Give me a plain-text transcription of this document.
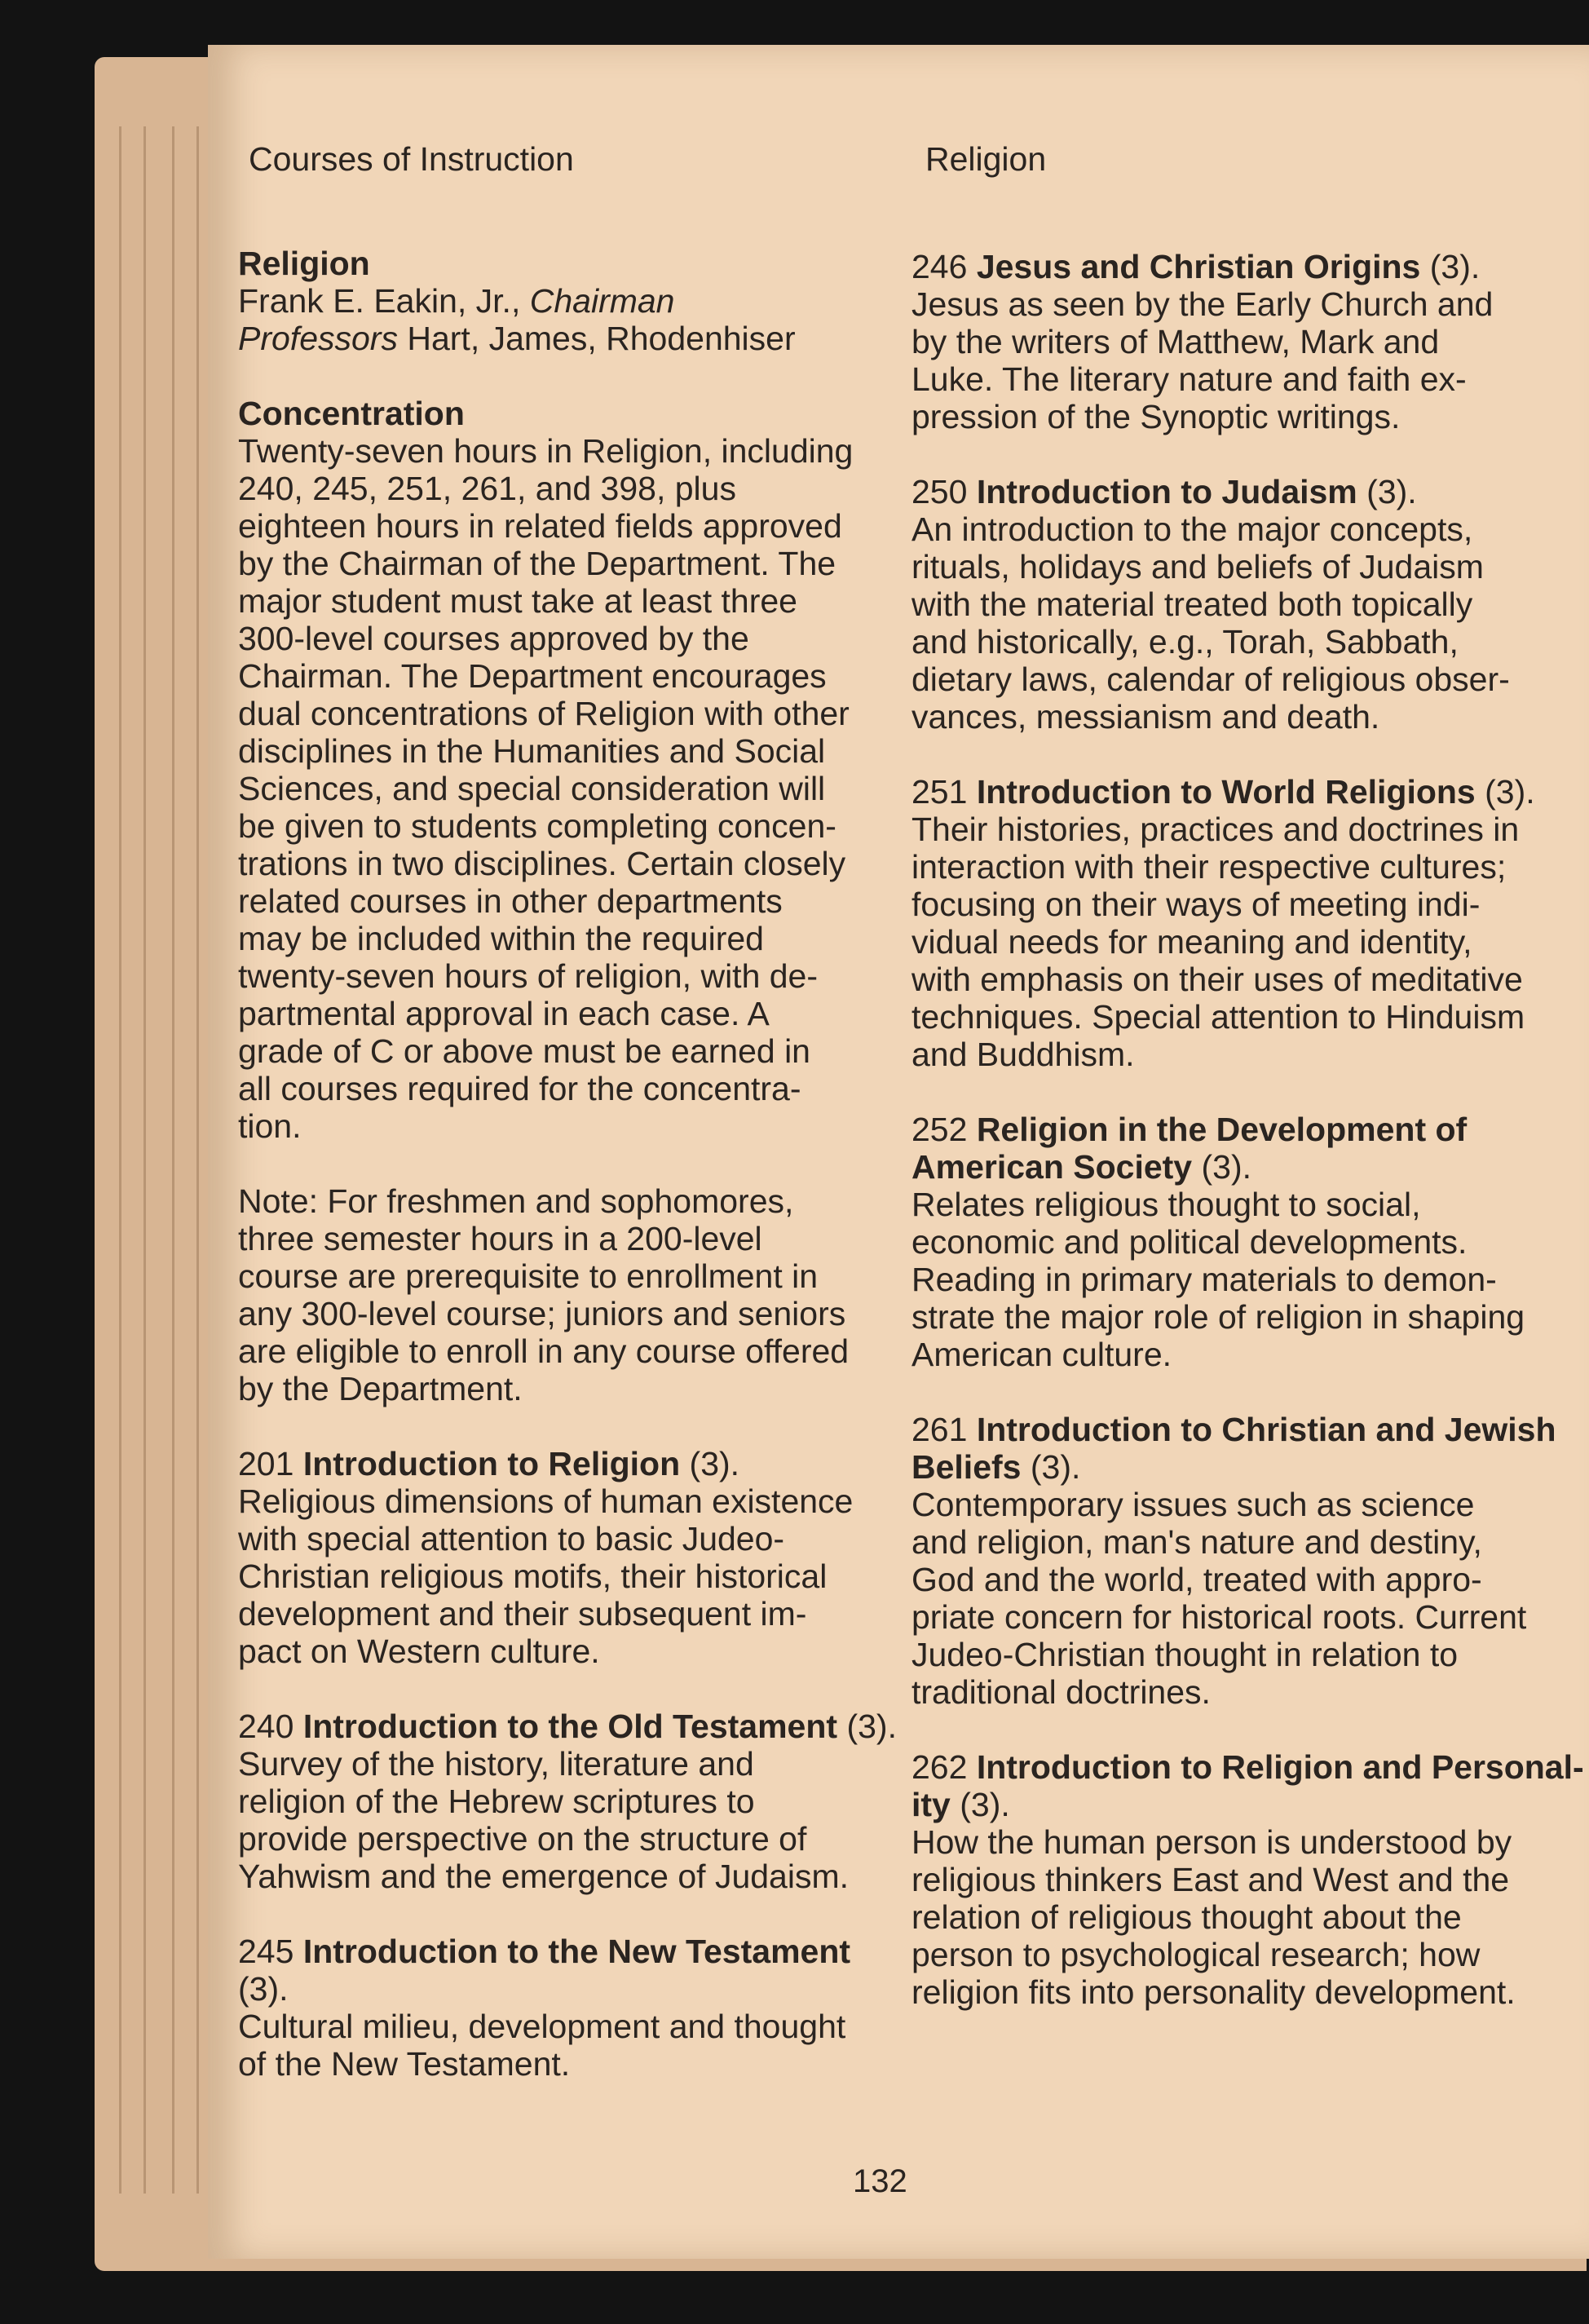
Courses of Instruction	Religion
Religion
Frank E. Eakin, Jr., Chairman
Professors Hart, James, Rhodenhiser
Concentration
Twenty-seven hours in Religion, including
240, 245, 251, 261, and 398, plus
eighteen hours in related fields approved
by the Chairman of the Department. The
major student must take at least three
300-level courses approved by the
Chairman. The Department encourages
dual concentrations of Religion with other
disciplines in the Humanities and Social
Sciences, and special consideration will
be given to students completing concen-
trations in two disciplines. Certain closely
related courses in other departments
may be included within the required
twenty-seven hours of religion, with de-
partmental approval in each case. A
grade of C or above must be earned in
all courses required for the concentra-
tion.
Note: For freshmen and sophomores,
three semester hours in a 200-level
course are prerequisite to enrollment in
any 300-level course; juniors and seniors
are eligible to enroll in any course offered
by the Department.
201 Introduction to Religion (3).
Religious dimensions of human existence
with special attention to basic Judeo-
Christian religious motifs, their historical
development and their subsequent im-
pact on Western culture.
240 Introduction to the Old Testament (3).
Survey of the history, literature and
religion of the Hebrew scriptures to
provide perspective on the structure of
Yahwism and the emergence of Judaism.
245 Introduction to the New Testament
(3).
Cultural milieu, development and thought
of the New Testament.
246 Jesus and Christian Origins (3).
Jesus as seen by the Early Church and
by the writers of Matthew, Mark and
Luke. The literary nature and faith ex-
pression of the Synoptic writings.
250 Introduction to Judaism (3).
An introduction to the major concepts,
rituals, holidays and beliefs of Judaism
with the material treated both topically
and historically, e.g., Torah, Sabbath,
dietary laws, calendar of religious obser-
vances, messianism and death.
251 Introduction to World Religions (3).
Their histories, practices and doctrines in
interaction with their respective cultures;
focusing on their ways of meeting indi-
vidual needs for meaning and identity,
with emphasis on their uses of meditative
techniques. Special attention to Hinduism
and Buddhism.
252 Religion in the Development of
American Society (3).
Relates religious thought to social,
economic and political developments.
Reading in primary materials to demon-
strate the major role of religion in shaping
American culture.
261 Introduction to Christian and Jewish
Beliefs (3).
Contemporary issues such as science
and religion, man's nature and destiny,
God and the world, treated with appro-
priate concern for historical roots. Current
Judeo-Christian thought in relation to
traditional doctrines.
262 Introduction to Religion and Personal-
ity (3).
How the human person is understood by
religious thinkers East and West and the
relation of religious thought about the
person to psychological research; how
religion fits into personality development.
132
